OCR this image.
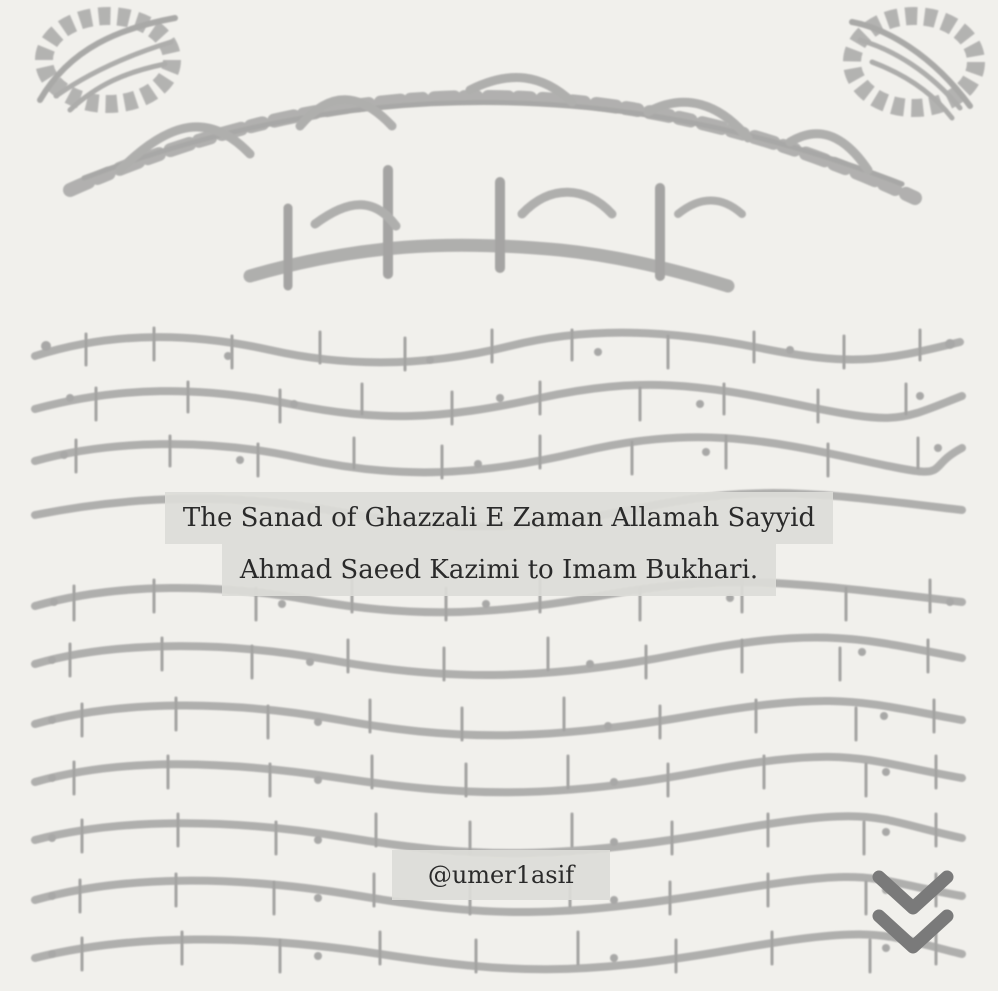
The Sanad of Ghazzali E Zaman Allamah Sayyid
Ahmad Saeed Kazimi to Imam Bukhari.
@umer1asif
